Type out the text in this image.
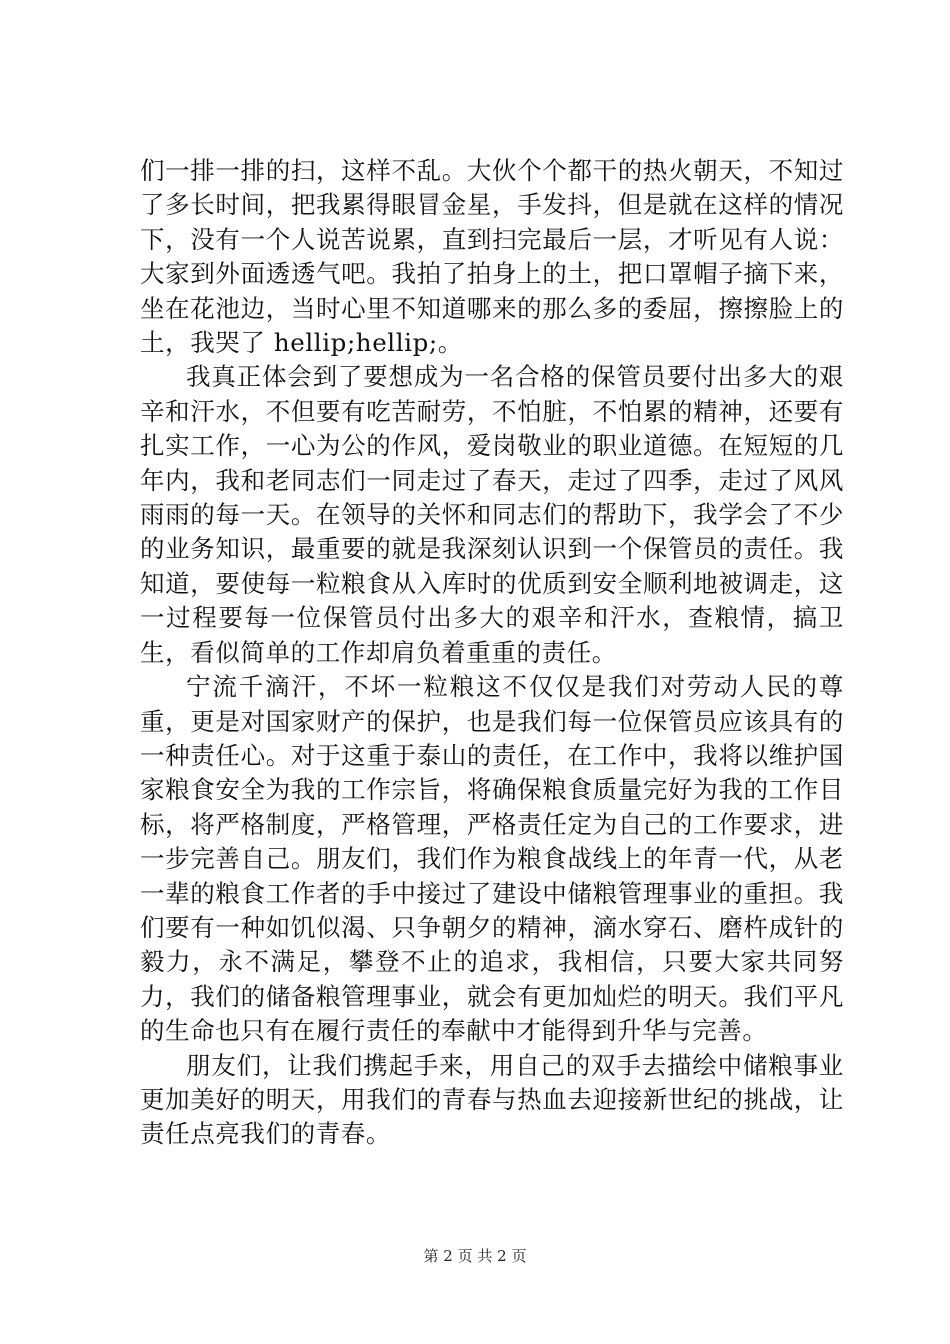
们一排一排的扫，这样不乱。大伙个个都干的热火朝天，不知过了多长时间，把我累得眼冒金星，手发抖，但是就在这样的情况下，没有一个人说苦说累，直到扫完最后一层，才听见有人说：大家到外面透透气吧。我拍了拍身上的土，把口罩帽子摘下来，坐在花池边，当时心里不知道哪来的那么多的委屈，擦擦脸上的土，我哭了 hellip;hellip;。

我真正体会到了要想成为一名合格的保管员要付出多大的艰辛和汗水，不但要有吃苦耐劳，不怕脏，不怕累的精神，还要有扎实工作，一心为公的作风，爱岗敬业的职业道德。在短短的几年内，我和老同志们一同走过了春天，走过了四季，走过了风风雨雨的每一天。在领导的关怀和同志们的帮助下，我学会了不少的业务知识，最重要的就是我深刻认识到一个保管员的责任。我知道，要使每一粒粮食从入库时的优质到安全顺利地被调走，这一过程要每一位保管员付出多大的艰辛和汗水，查粮情，搞卫生，看似简单的工作却肩负着重重的责任。

宁流千滴汗，不坏一粒粮这不仅仅是我们对劳动人民的尊重，更是对国家财产的保护，也是我们每一位保管员应该具有的一种责任心。对于这重于泰山的责任，在工作中，我将以维护国家粮食安全为我的工作宗旨，将确保粮食质量完好为我的工作目标，将严格制度，严格管理，严格责任定为自己的工作要求，进一步完善自己。朋友们，我们作为粮食战线上的年青一代，从老一辈的粮食工作者的手中接过了建设中储粮管理事业的重担。我们要有一种如饥似渴、只争朝夕的精神，滴水穿石、磨杵成针的毅力，永不满足，攀登不止的追求，我相信，只要大家共同努力，我们的储备粮管理事业，就会有更加灿烂的明天。我们平凡的生命也只有在履行责任的奉献中才能得到升华与完善。

朋友们，让我们携起手来，用自己的双手去描绘中储粮事业更加美好的明天，用我们的青春与热血去迎接新世纪的挑战，让责任点亮我们的青春。

第 2 页 共 2 页
